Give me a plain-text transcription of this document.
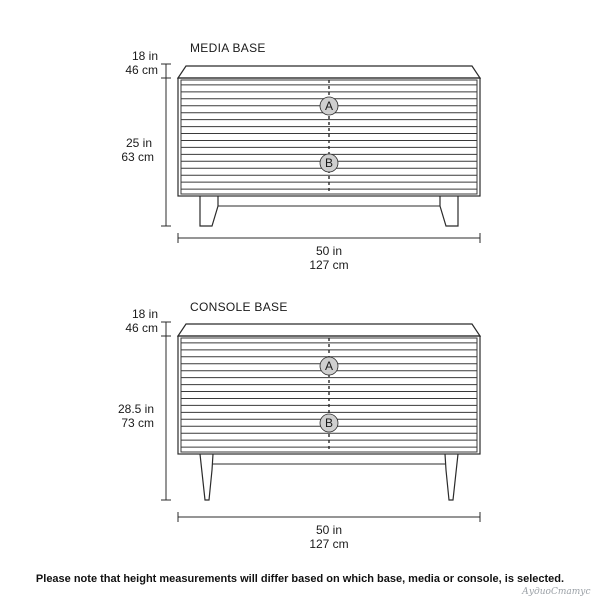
MEDIA BASE
18 in
46 cm
25 in
63 cm
50 in
127 cm
A
B
CONSOLE BASE
18 in
46 cm
28.5 in
73 cm
50 in
127 cm
A
B
Please note that height measurements will differ based on which base, media or console, is selected.
АудиоСтатус
